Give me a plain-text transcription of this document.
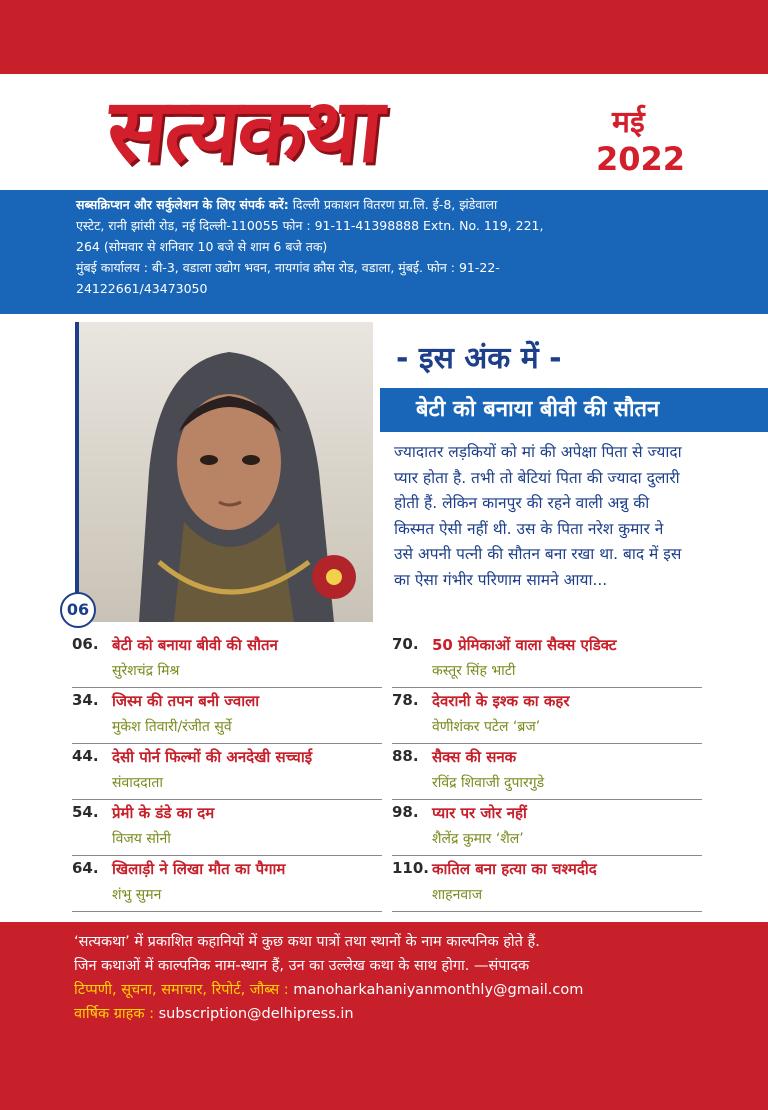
सत्यकथा	मई
2022
सब्सक्रिप्शन और सर्कुलेशन के लिए संपर्क करें: दिल्ली प्रकाशन वितरण प्रा.लि. ई-8, झंडेवाला
एस्टेट, रानी झांसी रोड, नई दिल्ली-110055 फोन : 91-11-41398888 Extn. No. 119, 221,
264 (सोमवार से शनिवार 10 बजे से शाम 6 बजे तक)
मुंबई कार्यालय : बी-3, वडाला उद्योग भवन, नायगांव क्रौस रोड, वडाला, मुंबई. फोन : 91-22-
24122661/43473050
06
- इस अंक में -
बेटी को बनाया बीवी की सौतन
ज्यादातर लड़कियों को मां की अपेक्षा पिता से ज्यादा प्यार होता है. तभी तो बेटियां पिता की ज्यादा दुलारी होती हैं. लेकिन कानपुर की रहने वाली अन्नु की किस्मत ऐसी नहीं थी. उस के पिता नरेश कुमार ने उसे अपनी पत्नी की सौतन बना रखा था. बाद में इस का ऐसा गंभीर परिणाम सामने आया...
06. बेटी को बनाया बीवी की सौतन
सुरेशचंद्र मिश्र
34. जिस्म की तपन बनी ज्वाला
मुकेश तिवारी/रंजीत सुर्वे
44. देसी पोर्न फिल्मों की अनदेखी सच्चाई
संवाददाता
54. प्रेमी के डंडे का दम
विजय सोनी
64. खिलाड़ी ने लिखा मौत का पैगाम
शंभु सुमन
70. 50 प्रेमिकाओं वाला सैक्स एडिक्ट
कस्तूर सिंह भाटी
78. देवरानी के इश्क का कहर
वेणीशंकर पटेल ‘ब्रज’
88. सैक्स की सनक
रविंद्र शिवाजी दुपारगुडे
98. प्यार पर जोर नहीं
शैलेंद्र कुमार ‘शैल’
110. कातिल बना हत्या का चश्मदीद
शाहनवाज
‘सत्यकथा’ में प्रकाशित कहानियों में कुछ कथा पात्रों तथा स्थानों के नाम काल्पनिक होते हैं.
जिन कथाओं में काल्पनिक नाम-स्थान हैं, उन का उल्लेख कथा के साथ होगा. —संपादक
टिप्पणी, सूचना, समाचार, रिपोर्ट, जौब्स : manoharkahaniyanmonthly@gmail.com
वार्षिक ग्राहक : subscription@delhipress.in
